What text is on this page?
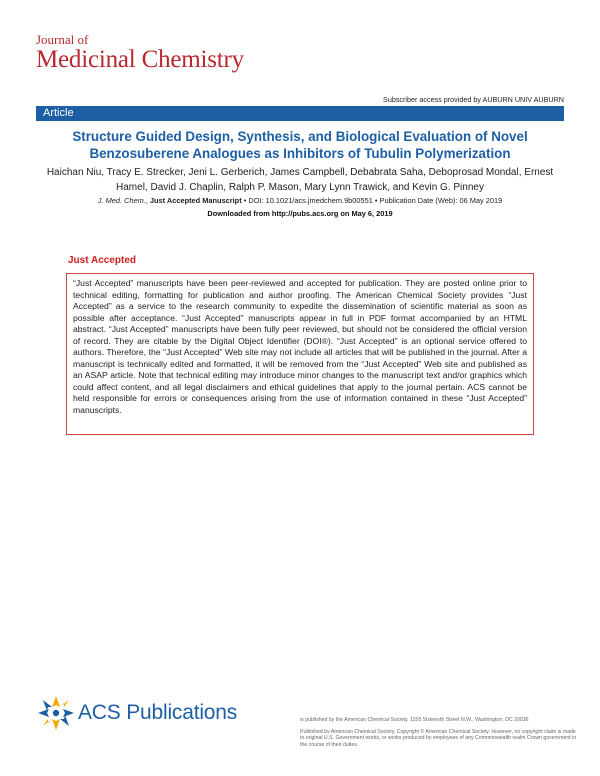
Journal of
Medicinal Chemistry
Subscriber access provided by AUBURN UNIV AUBURN
Article
Structure Guided Design, Synthesis, and Biological Evaluation of Novel Benzosuberene Analogues as Inhibitors of Tubulin Polymerization
Haichan Niu, Tracy E. Strecker, Jeni L. Gerberich, James Campbell, Debabrata Saha, Deboprosad Mondal, Ernest Hamel, David J. Chaplin, Ralph P. Mason, Mary Lynn Trawick, and Kevin G. Pinney
J. Med. Chem., Just Accepted Manuscript • DOI: 10.1021/acs.jmedchem.9b00551 • Publication Date (Web): 06 May 2019
Downloaded from http://pubs.acs.org on May 6, 2019
Just Accepted
“Just Accepted” manuscripts have been peer-reviewed and accepted for publication. They are posted online prior to technical editing, formatting for publication and author proofing. The American Chemical Society provides “Just Accepted” as a service to the research community to expedite the dissemination of scientific material as soon as possible after acceptance. “Just Accepted” manuscripts appear in full in PDF format accompanied by an HTML abstract. “Just Accepted” manuscripts have been fully peer reviewed, but should not be considered the official version of record. They are citable by the Digital Object Identifier (DOI®). “Just Accepted” is an optional service offered to authors. Therefore, the “Just Accepted” Web site may not include all articles that will be published in the journal. After a manuscript is technically edited and formatted, it will be removed from the “Just Accepted” Web site and published as an ASAP article. Note that technical editing may introduce minor changes to the manuscript text and/or graphics which could affect content, and all legal disclaimers and ethical guidelines that apply to the journal pertain. ACS cannot be held responsible for errors or consequences arising from the use of information contained in these “Just Accepted” manuscripts.
ACS Publications	is published by the American Chemical Society. 1155 Sixteenth Street N.W., Washington, DC 20036

Published by American Chemical Society. Copyright © American Chemical Society. However, no copyright claim is made to original U.S. Government works, or works produced by employees of any Commonwealth realm Crown government in the course of their duties.
